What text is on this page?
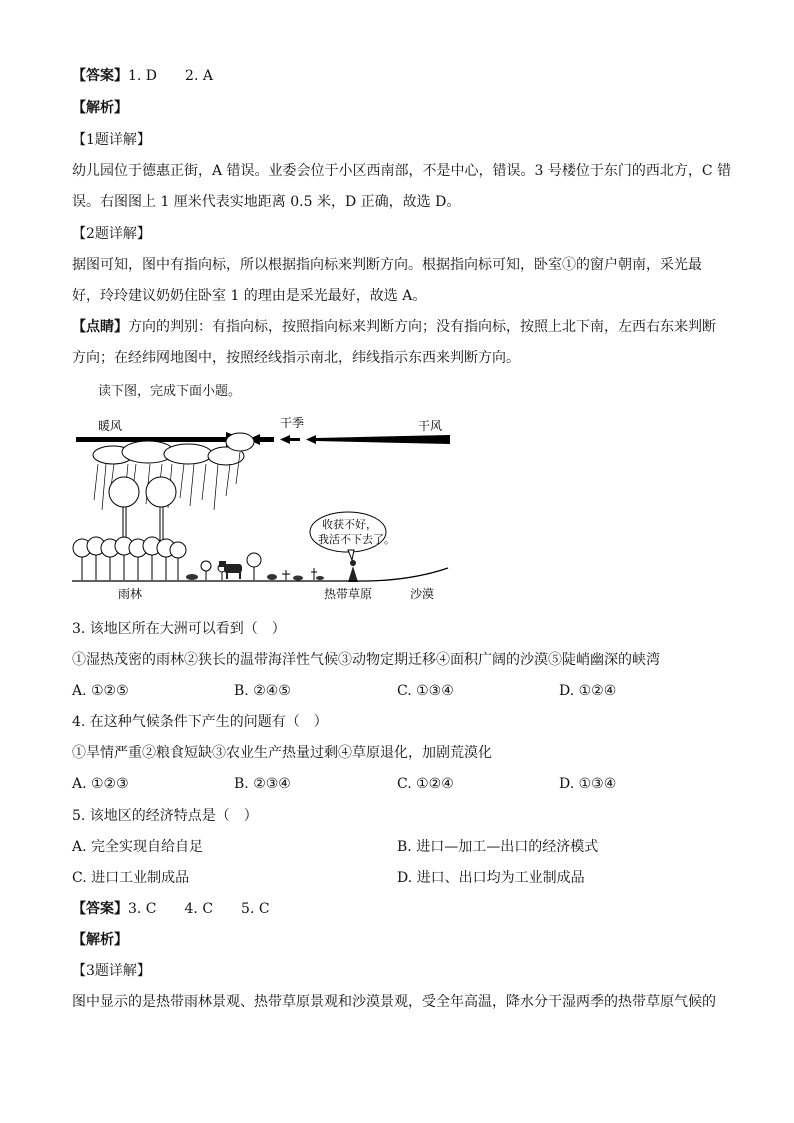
【答案】1. D　　2. A
【解析】
【1题详解】
幼儿园位于德惠正街，A 错误。业委会位于小区西南部，不是中心，错误。3 号楼位于东门的西北方，C 错
误。右图图上 1 厘米代表实地距离 0.5 米，D 正确，故选 D。
【2题详解】
据图可知，图中有指向标，所以根据指向标来判断方向。根据指向标可知，卧室①的窗户朝南，采光最
好，玲玲建议奶奶住卧室 1 的理由是采光最好，故选 A。
【点睛】方向的判别：有指向标，按照指向标来判断方向；没有指向标，按照上北下南，左西右东来判断
方向；在经纬网地图中，按照经线指示南北，纬线指示东西来判断方向。
读下图，完成下面小题。
暖风	干季	干风
收获不好，
我活不下去了。
雨林	热带草原	沙漠
3. 该地区所在大洲可以看到（　）
①湿热茂密的雨林②狭长的温带海洋性气候③动物定期迁移④面积广阔的沙漠⑤陡峭幽深的峡湾
A. ①②⑤	B. ②④⑤	C. ①③④	D. ①②④
4. 在这种气候条件下产生的问题有（　）
①旱情严重②粮食短缺③农业生产热量过剩④草原退化，加剧荒漠化
A. ①②③	B. ②③④	C. ①②④	D. ①③④
5. 该地区的经济特点是（　）
A. 完全实现自给自足	B. 进口—加工—出口的经济模式
C. 进口工业制成品	D. 进口、出口均为工业制成品
【答案】3. C　　4. C　　5. C
【解析】
【3题详解】
图中显示的是热带雨林景观、热带草原景观和沙漠景观，受全年高温，降水分干湿两季的热带草原气候的
